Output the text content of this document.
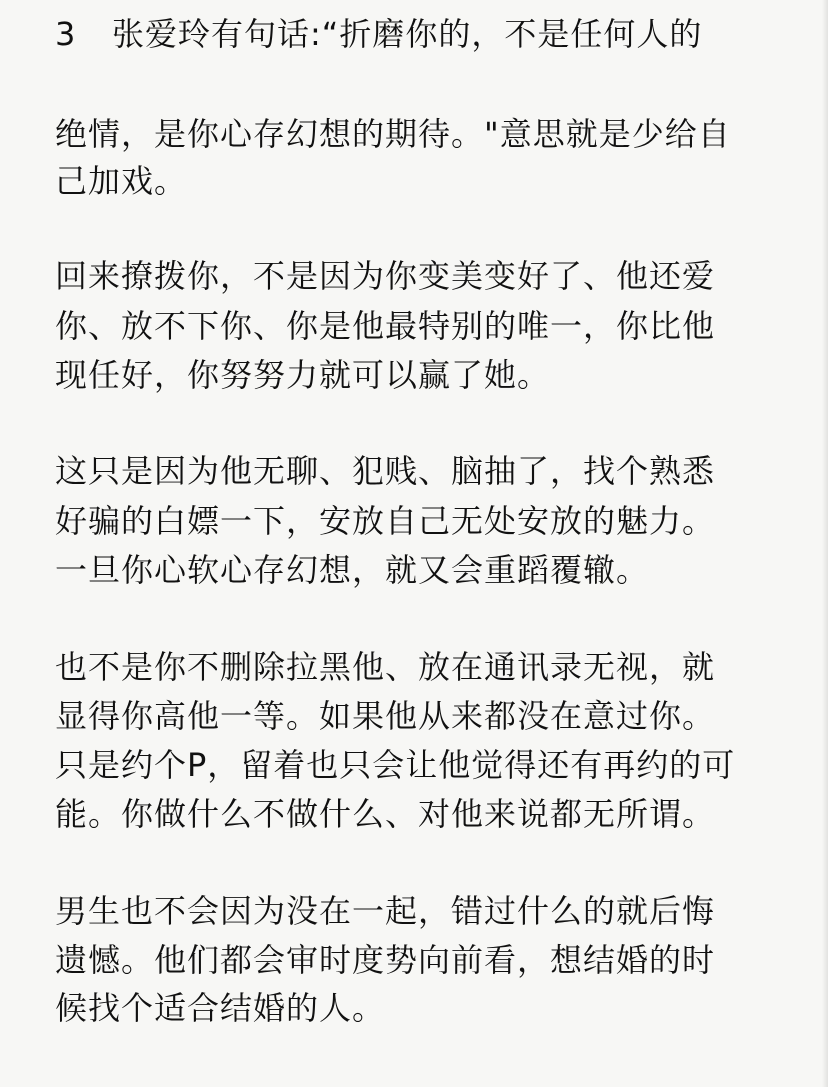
3 张爱玲有句话:“折磨你的，不是任何人的
绝情，是你心存幻想的期待。"意思就是少给自
己加戏。
回来撩拨你，不是因为你变美变好了、他还爱
你、放不下你、你是他最特别的唯一，你比他
现任好，你努努力就可以赢了她。
这只是因为他无聊、犯贱、脑抽了，找个熟悉
好骗的白嫖一下，安放自己无处安放的魅力。
一旦你心软心存幻想，就又会重蹈覆辙。
也不是你不删除拉黑他、放在通讯录无视，就
显得你高他一等。如果他从来都没在意过你。
只是约个P，留着也只会让他觉得还有再约的可
能。你做什么不做什么、对他来说都无所谓。
男生也不会因为没在一起，错过什么的就后悔
遗憾。他们都会审时度势向前看，想结婚的时
候找个适合结婚的人。
